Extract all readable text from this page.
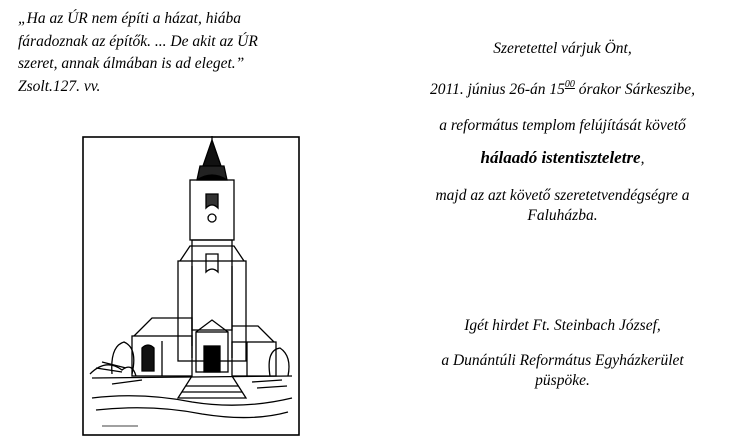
„Ha az ÚR nem építi a házat, hiába
fáradoznak az építők. ... De akit az ÚR
szeret, annak álmában is ad eleget.”
Zsolt.127. vv.
Szeretettel várjuk Önt,
2011. június 26-án $15^{00}$ órakor Sárkeszibe,
a református templom felújítását követő
hálaadó istentiszteletre,
majd az azt követő szeretetvendégségre a
Faluházba.
Igét hirdet Ft. Steinbach József,
a Dunántúli Református Egyházkerület
püspöke.
